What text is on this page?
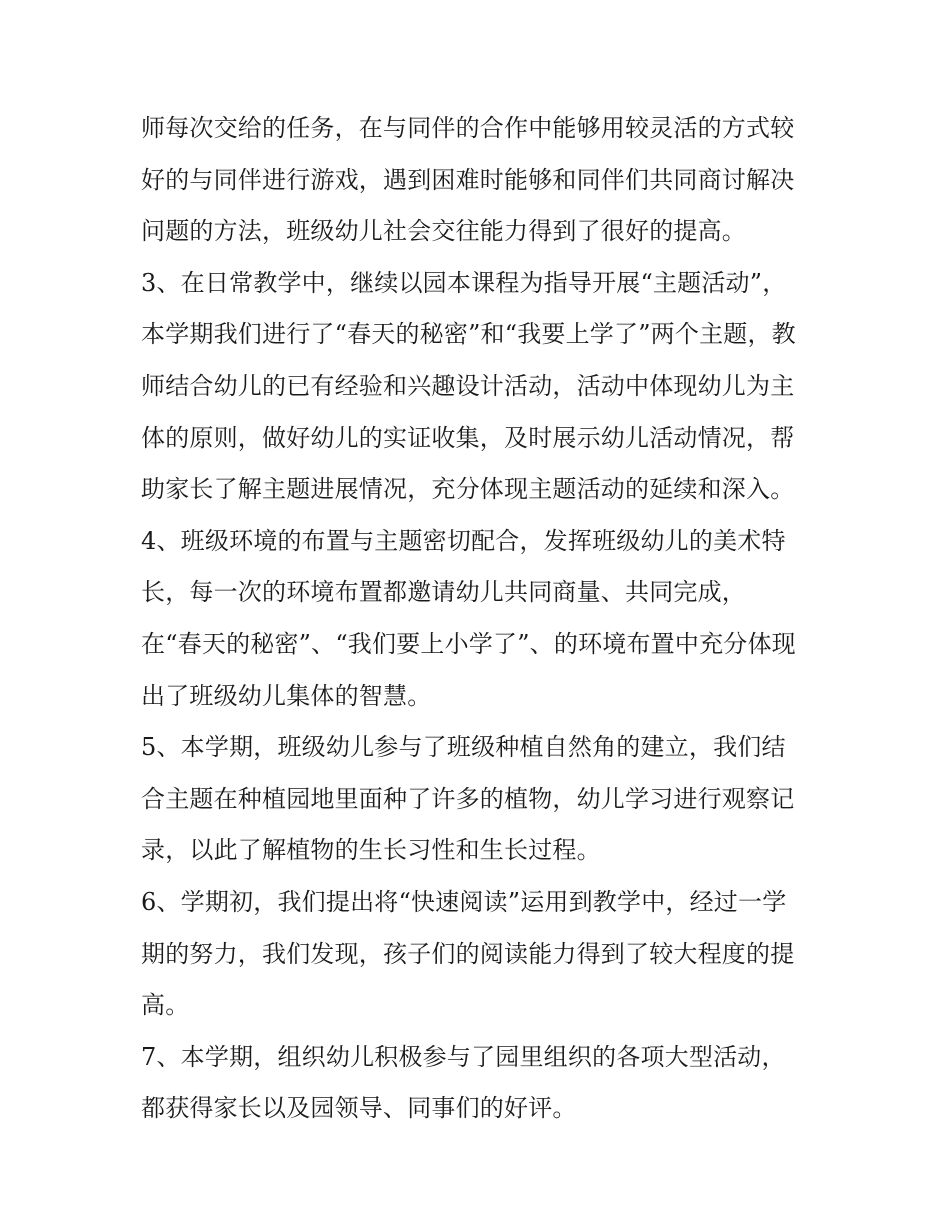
师每次交给的任务，在与同伴的合作中能够用较灵活的方式较
好的与同伴进行游戏，遇到困难时能够和同伴们共同商讨解决
问题的方法，班级幼儿社会交往能力得到了很好的提高。
3、在日常教学中，继续以园本课程为指导开展“主题活动”，
本学期我们进行了“春天的秘密”和“我要上学了”两个主题，教
师结合幼儿的已有经验和兴趣设计活动，活动中体现幼儿为主
体的原则，做好幼儿的实证收集，及时展示幼儿活动情况，帮
助家长了解主题进展情况，充分体现主题活动的延续和深入。
4、班级环境的布置与主题密切配合，发挥班级幼儿的美术特
长，每一次的环境布置都邀请幼儿共同商量、共同完成，
在“春天的秘密”、“我们要上小学了”、的环境布置中充分体现
出了班级幼儿集体的智慧。
5、本学期，班级幼儿参与了班级种植自然角的建立，我们结
合主题在种植园地里面种了许多的植物，幼儿学习进行观察记
录，以此了解植物的生长习性和生长过程。
6、学期初，我们提出将“快速阅读”运用到教学中，经过一学
期的努力，我们发现，孩子们的阅读能力得到了较大程度的提
高。
7、本学期，组织幼儿积极参与了园里组织的各项大型活动，
都获得家长以及园领导、同事们的好评。
